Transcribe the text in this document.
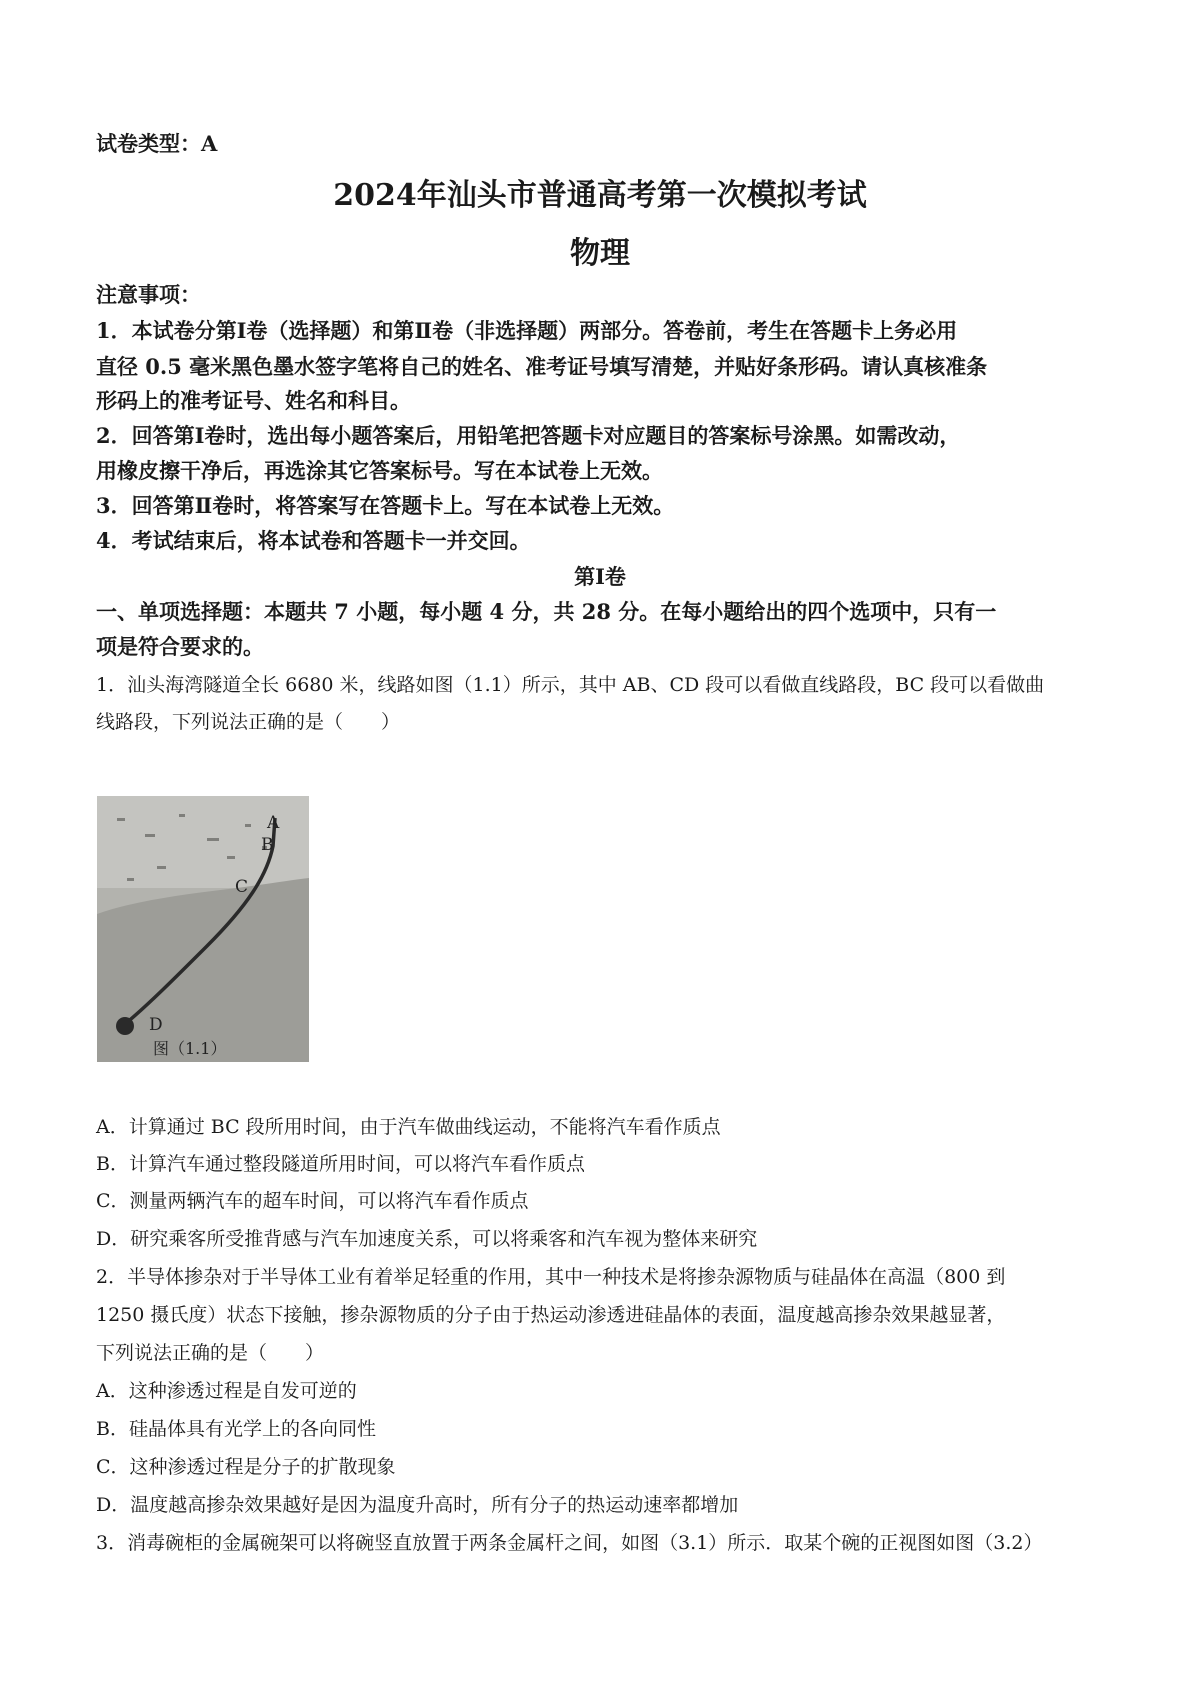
试卷类型：A
2024年汕头市普通高考第一次模拟考试
物理
注意事项：
1．本试卷分第Ⅰ卷（选择题）和第Ⅱ卷（非选择题）两部分。答卷前，考生在答题卡上务必用
直径 0.5 毫米黑色墨水签字笔将自己的姓名、准考证号填写清楚，并贴好条形码。请认真核准条
形码上的准考证号、姓名和科目。
2．回答第Ⅰ卷时，选出每小题答案后，用铅笔把答题卡对应题目的答案标号涂黑。如需改动，
用橡皮擦干净后，再选涂其它答案标号。写在本试卷上无效。
3．回答第Ⅱ卷时，将答案写在答题卡上。写在本试卷上无效。
4．考试结束后，将本试卷和答题卡一并交回。
第Ⅰ卷
一、单项选择题：本题共 7 小题，每小题 4 分，共 28 分。在每小题给出的四个选项中，只有一
项是符合要求的。
1．汕头海湾隧道全长 6680 米，线路如图（1.1）所示，其中 AB、CD 段可以看做直线路段，BC 段可以看做曲
线路段，下列说法正确的是（　　）
A
B
C
D
图（1.1）
A．计算通过 BC 段所用时间，由于汽车做曲线运动，不能将汽车看作质点
B．计算汽车通过整段隧道所用时间，可以将汽车看作质点
C．测量两辆汽车的超车时间，可以将汽车看作质点
D．研究乘客所受推背感与汽车加速度关系，可以将乘客和汽车视为整体来研究
2．半导体掺杂对于半导体工业有着举足轻重的作用，其中一种技术是将掺杂源物质与硅晶体在高温（800 到
1250 摄氏度）状态下接触，掺杂源物质的分子由于热运动渗透进硅晶体的表面，温度越高掺杂效果越显著，
下列说法正确的是（　　）
A．这种渗透过程是自发可逆的
B．硅晶体具有光学上的各向同性
C．这种渗透过程是分子的扩散现象
D．温度越高掺杂效果越好是因为温度升高时，所有分子的热运动速率都增加
3．消毒碗柜的金属碗架可以将碗竖直放置于两条金属杆之间，如图（3.1）所示．取某个碗的正视图如图（3.2）
